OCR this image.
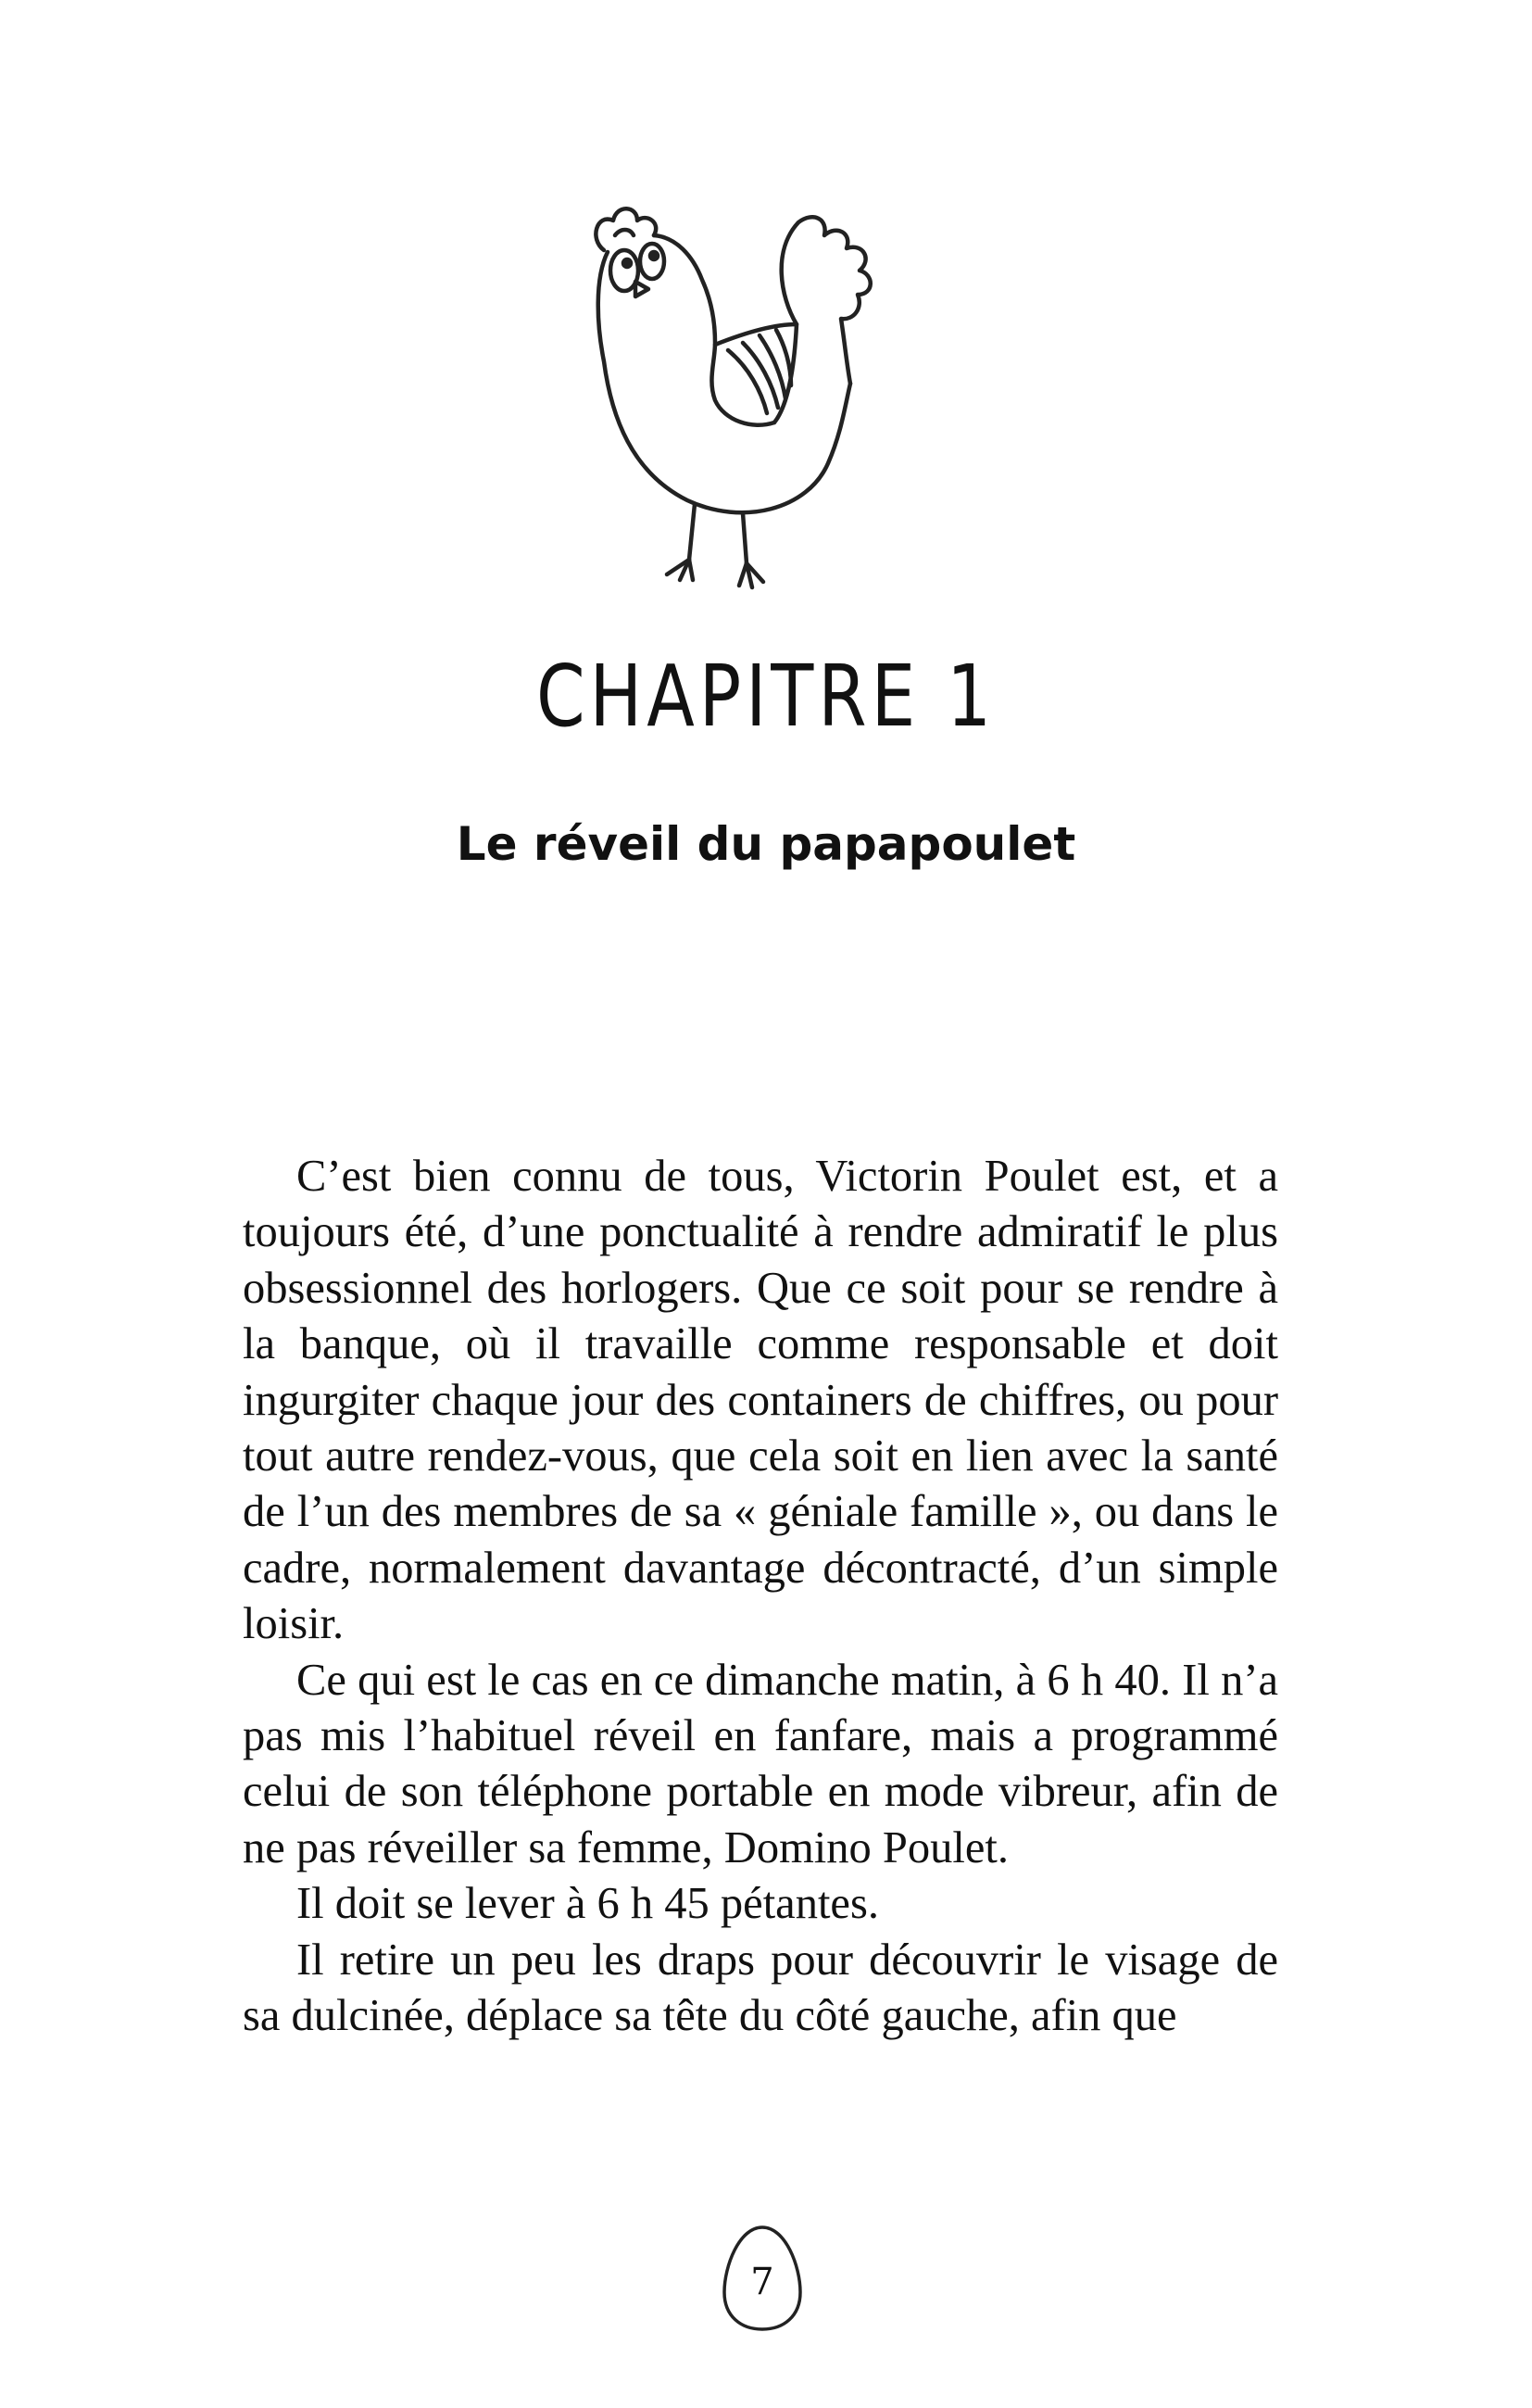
CHAPITRE 1
Le réveil du papapoulet

C’est bien connu de tous, Victorin Poulet est, et a toujours été, d’une ponctualité à rendre admiratif le plus obsessionnel des horlogers. Que ce soit pour se rendre à la banque, où il travaille comme responsable et doit ingurgiter chaque jour des containers de chiffres, ou pour tout autre rendez-vous, que cela soit en lien avec la santé de l’un des membres de sa « géniale famille », ou dans le cadre, normalement davantage décontracté, d’un simple loisir.

Ce qui est le cas en ce dimanche matin, à 6 h 40. Il n’a pas mis l’habituel réveil en fanfare, mais a programmé celui de son téléphone portable en mode vibreur, afin de ne pas réveiller sa femme, Domino Poulet.

Il doit se lever à 6 h 45 pétantes.

Il retire un peu les draps pour découvrir le visage de sa dulcinée, déplace sa tête du côté gauche, afin que

7
